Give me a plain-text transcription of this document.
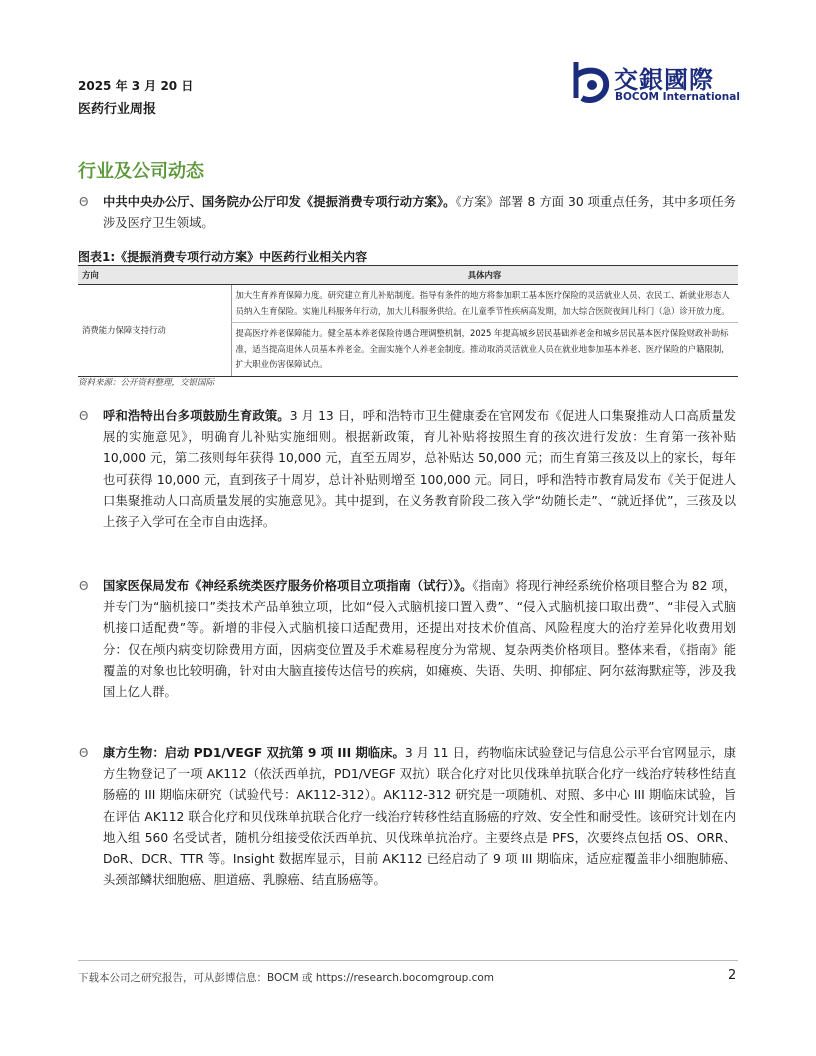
2025 年 3 月 20 日
医药行业周报
交銀國際
BOCOM International
行业及公司动态
Θ 中共中央办公厅、国务院办公厅印发《提振消费专项行动方案》。《方案》部署 8 方面 30 项重点任务，其中多项任务涉及医疗卫生领域。
图表1:《提振消费专项行动方案》中医药行业相关内容
方向	具体内容
消费能力保障支持行动	加大生育养育保障力度。研究建立育儿补贴制度。指导有条件的地方将参加职工基本医疗保险的灵活就业人员、农民工、新就业形态人员纳入生育保险。实施儿科服务年行动，加大儿科服务供给。在儿童季节性疾病高发期，加大综合医院夜间儿科门（急）诊开放力度。
	提高医疗养老保障能力。健全基本养老保险待遇合理调整机制，2025 年提高城乡居民基础养老金和城乡居民基本医疗保险财政补助标准，适当提高退休人员基本养老金。全面实施个人养老金制度。推动取消灵活就业人员在就业地参加基本养老、医疗保险的户籍限制，扩大职业伤害保障试点。
资料来源：公开资料整理，交银国际
Θ 呼和浩特出台多项鼓励生育政策。3 月 13 日，呼和浩特市卫生健康委在官网发布《促进人口集聚推动人口高质量发展的实施意见》，明确育儿补贴实施细则。根据新政策，育儿补贴将按照生育的孩次进行发放：生育第一孩补贴 10,000 元，第二孩则每年获得 10,000 元，直至五周岁，总补贴达 50,000 元；而生育第三孩及以上的家长，每年也可获得 10,000 元，直到孩子十周岁，总计补贴则增至 100,000 元。同日，呼和浩特市教育局发布《关于促进人口集聚推动人口高质量发展的实施意见》。其中提到，在义务教育阶段二孩入学“幼随长走”、“就近择优”，三孩及以上孩子入学可在全市自由选择。
Θ 国家医保局发布《神经系统类医疗服务价格项目立项指南（试行）》。《指南》将现行神经系统价格项目整合为 82 项，并专门为“脑机接口”类技术产品单独立项，比如“侵入式脑机接口置入费”、“侵入式脑机接口取出费”、“非侵入式脑机接口适配费”等。新增的非侵入式脑机接口适配费用，还提出对技术价值高、风险程度大的治疗差异化收费用划分：仅在颅内病变切除费用方面，因病变位置及手术难易程度分为常规、复杂两类价格项目。整体来看，《指南》能覆盖的对象也比较明确，针对由大脑直接传达信号的疾病，如瘫痪、失语、失明、抑郁症、阿尔兹海默症等，涉及我国上亿人群。
Θ 康方生物：启动 PD1/VEGF 双抗第 9 项 III 期临床。3 月 11 日，药物临床试验登记与信息公示平台官网显示，康方生物登记了一项 AK112（依沃西单抗，PD1/VEGF 双抗）联合化疗对比贝伐珠单抗联合化疗一线治疗转移性结直肠癌的 III 期临床研究（试验代号：AK112-312）。AK112-312 研究是一项随机、对照、多中心 III 期临床试验，旨在评估 AK112 联合化疗和贝伐珠单抗联合化疗一线治疗转移性结直肠癌的疗效、安全性和耐受性。该研究计划在内地入组 560 名受试者，随机分组接受依沃西单抗、贝伐珠单抗治疗。主要终点是 PFS，次要终点包括 OS、ORR、DoR、DCR、TTR 等。Insight 数据库显示，目前 AK112 已经启动了 9 项 III 期临床，适应症覆盖非小细胞肺癌、头颈部鳞状细胞癌、胆道癌、乳腺癌、结直肠癌等。
下载本公司之研究报告，可从彭博信息：BOCM 或 https://research.bocomgroup.com	2
